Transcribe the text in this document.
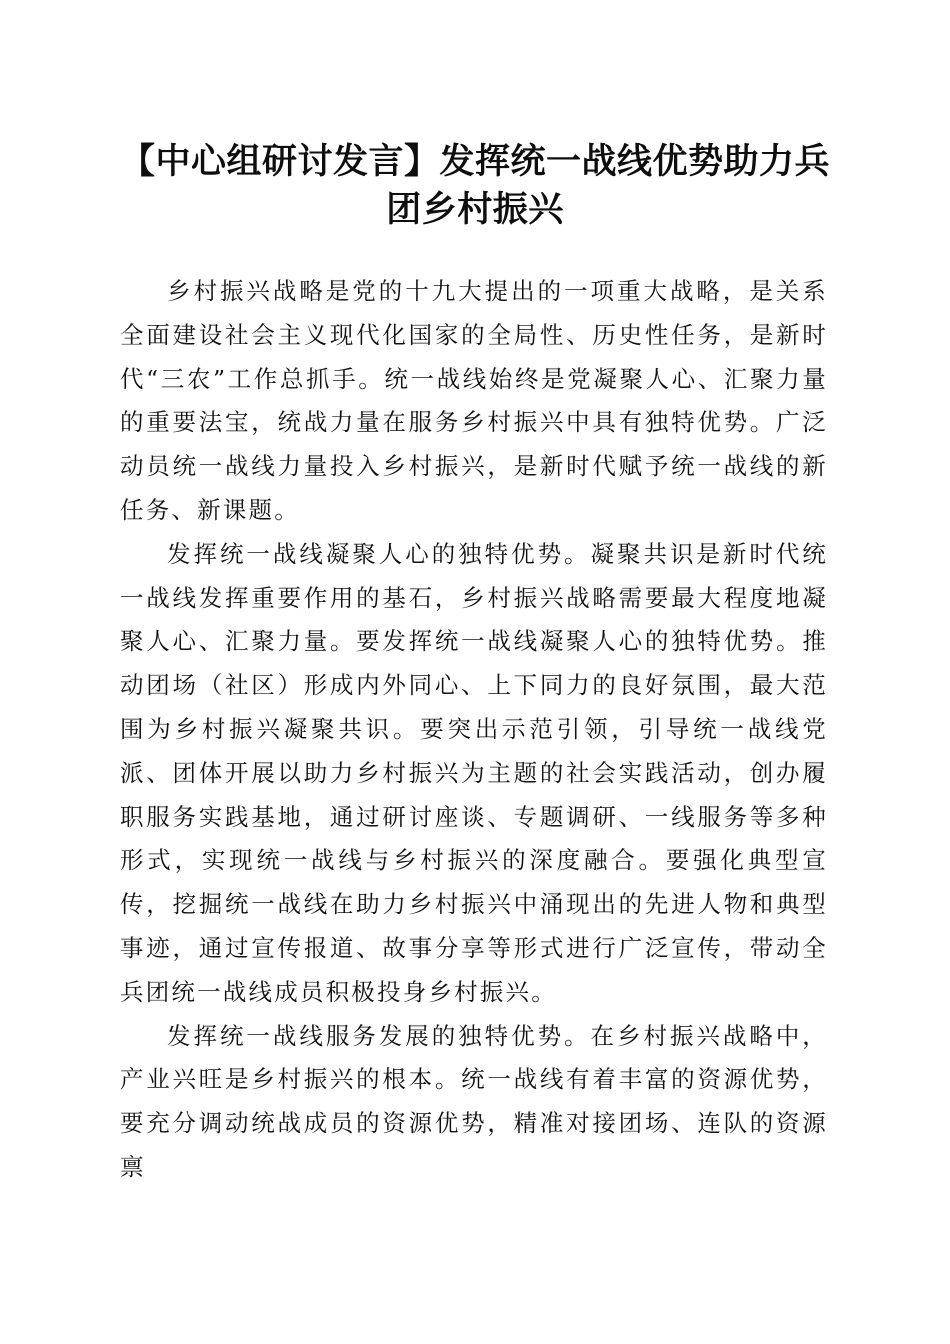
【中心组研讨发言】发挥统一战线优势助力兵团乡村振兴

乡村振兴战略是党的十九大提出的一项重大战略，是关系全面建设社会主义现代化国家的全局性、历史性任务，是新时代“三农”工作总抓手。统一战线始终是党凝聚人心、汇聚力量的重要法宝，统战力量在服务乡村振兴中具有独特优势。广泛动员统一战线力量投入乡村振兴，是新时代赋予统一战线的新任务、新课题。

发挥统一战线凝聚人心的独特优势。凝聚共识是新时代统一战线发挥重要作用的基石，乡村振兴战略需要最大程度地凝聚人心、汇聚力量。要发挥统一战线凝聚人心的独特优势。推动团场（社区）形成内外同心、上下同力的良好氛围，最大范围为乡村振兴凝聚共识。要突出示范引领，引导统一战线党派、团体开展以助力乡村振兴为主题的社会实践活动，创办履职服务实践基地，通过研讨座谈、专题调研、一线服务等多种形式，实现统一战线与乡村振兴的深度融合。要强化典型宣传，挖掘统一战线在助力乡村振兴中涌现出的先进人物和典型事迹，通过宣传报道、故事分享等形式进行广泛宣传，带动全兵团统一战线成员积极投身乡村振兴。

发挥统一战线服务发展的独特优势。在乡村振兴战略中，产业兴旺是乡村振兴的根本。统一战线有着丰富的资源优势，要充分调动统战成员的资源优势，精准对接团场、连队的资源禀
